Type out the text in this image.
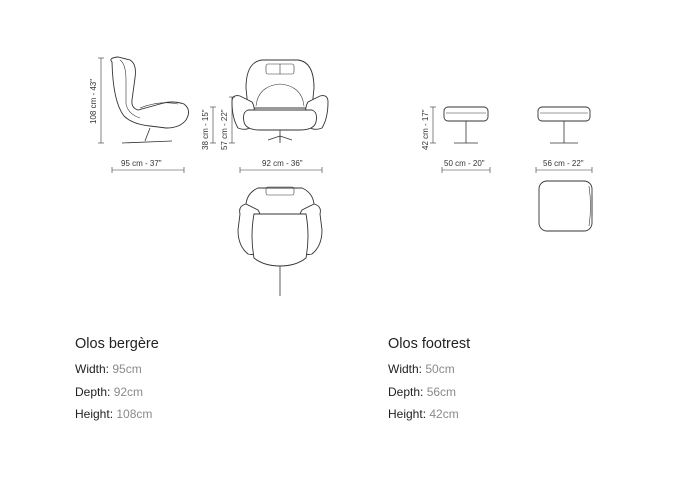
108 cm - 43"
95 cm - 37"
38 cm - 15" 57 cm - 22"
92 cm - 36"
42 cm - 17"
50 cm - 20"	56 cm - 22"
Olos bergère
Width: 95cm
Depth: 92cm
Height: 108cm
Olos footrest
Width: 50cm
Depth: 56cm
Height: 42cm
